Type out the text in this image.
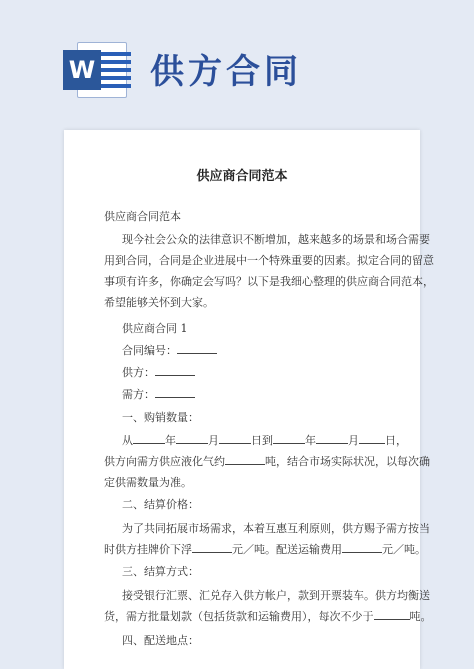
W 供方合同
供应商合同范本
供应商合同范本
现今社会公众的法律意识不断增加，越来越多的场景和场合需要
用到合同，合同是企业进展中一个特殊重要的因素。拟定合同的留意
事项有许多，你确定会写吗？以下是我细心整理的供应商合同范本，
希望能够关怀到大家。
供应商合同 1
合同编号：
供方：
需方：
一、购销数量：
从	年	月	日到	年	月 日，
供方向需方供应液化气约	吨，结合市场实际状况，以每次确
定供需数量为准。
二、结算价格：
为了共同拓展市场需求，本着互惠互利原则，供方赐予需方按当
时供方挂牌价下浮	元／吨。配送运输费用	元／吨。
三、结算方式：
接受银行汇票、汇兑存入供方帐户，款到开票装车。供方均衡送
货，需方批量划款（包括货款和运输费用），每次不少于	吨。
四、配送地点：
